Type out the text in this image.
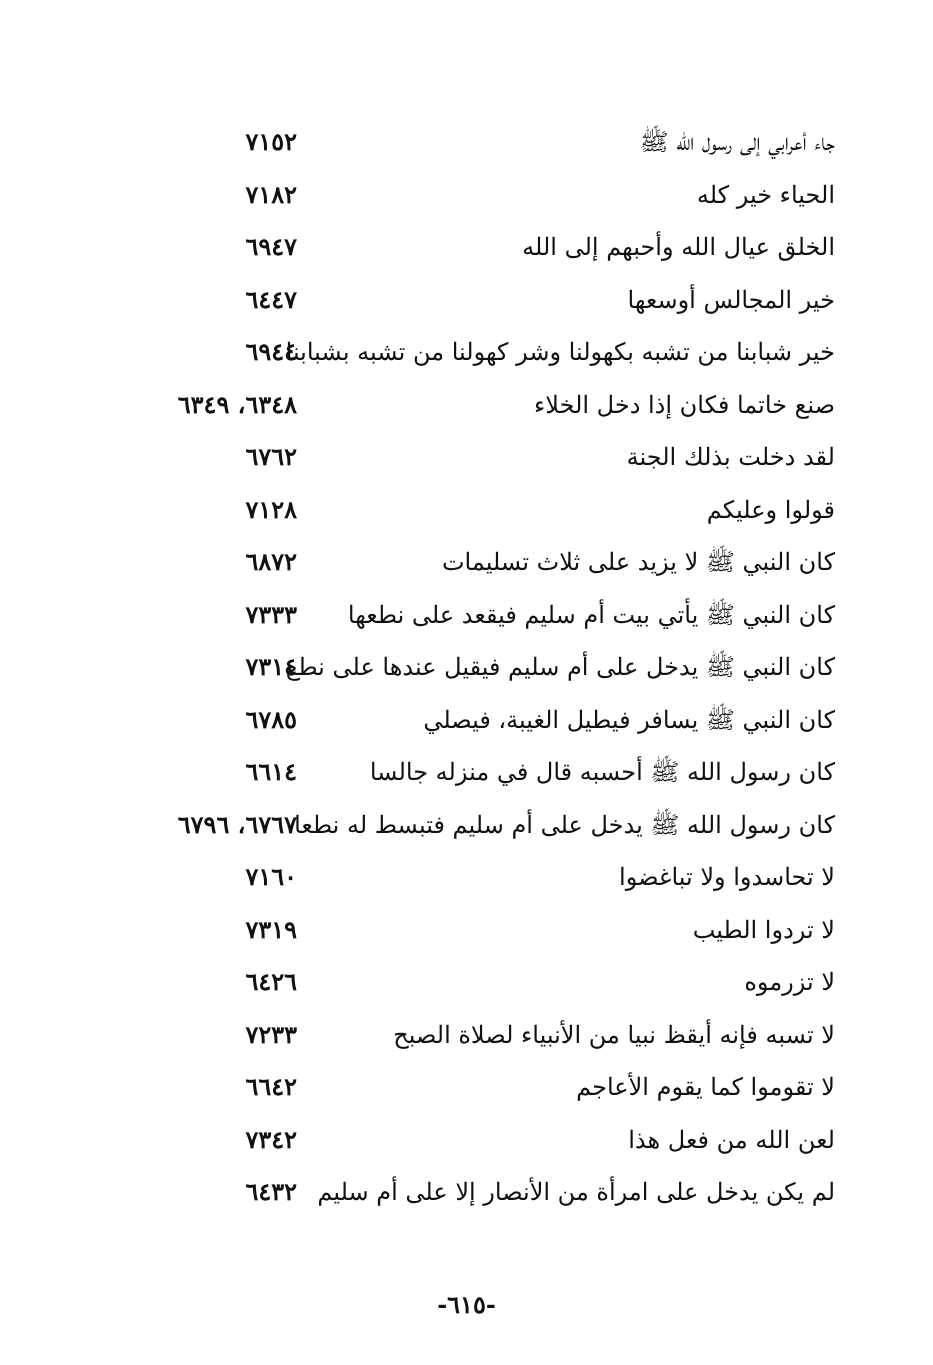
جاء أعرابي إلى رسول الله ﷺ
٧١٥٢
الحياء خير كله
٧١٨٢
الخلق عيال الله وأحبهم إلى الله
٦٩٤٧
خير المجالس أوسعها
٦٤٤٧
خير شبابنا من تشبه بكهولنا وشر كهولنا من تشبه بشبابنا
٦٩٤٤
صنع خاتما فكان إذا دخل الخلاء
٦٣٤٨، ٦٣٤٩
لقد دخلت بذلك الجنة
٦٧٦٢
قولوا وعليكم
٧١٢٨
كان النبي ﷺ لا يزيد على ثلاث تسليمات
٦٨٧٢
كان النبي ﷺ يأتي بيت أم سليم فيقعد على نطعها
٧٣٣٣
كان النبي ﷺ يدخل على أم سليم فيقيل عندها على نطع
٧٣١٤
كان النبي ﷺ يسافر فيطيل الغيبة، فيصلي
٦٧٨٥
كان رسول الله ﷺ أحسبه قال في منزله جالسا
٦٦١٤
كان رسول الله ﷺ يدخل على أم سليم فتبسط له نطعا
٦٧٦٧، ٦٧٩٦
لا تحاسدوا ولا تباغضوا
٧١٦٠
لا تردوا الطيب
٧٣١٩
لا تزرموه
٦٤٢٦
لا تسبه فإنه أيقظ نبيا من الأنبياء لصلاة الصبح
٧٢٣٣
لا تقوموا كما يقوم الأعاجم
٦٦٤٢
لعن الله من فعل هذا
٧٣٤٢
لم يكن يدخل على امرأة من الأنصار إلا على أم سليم
٦٤٣٢
-٦١٥-
